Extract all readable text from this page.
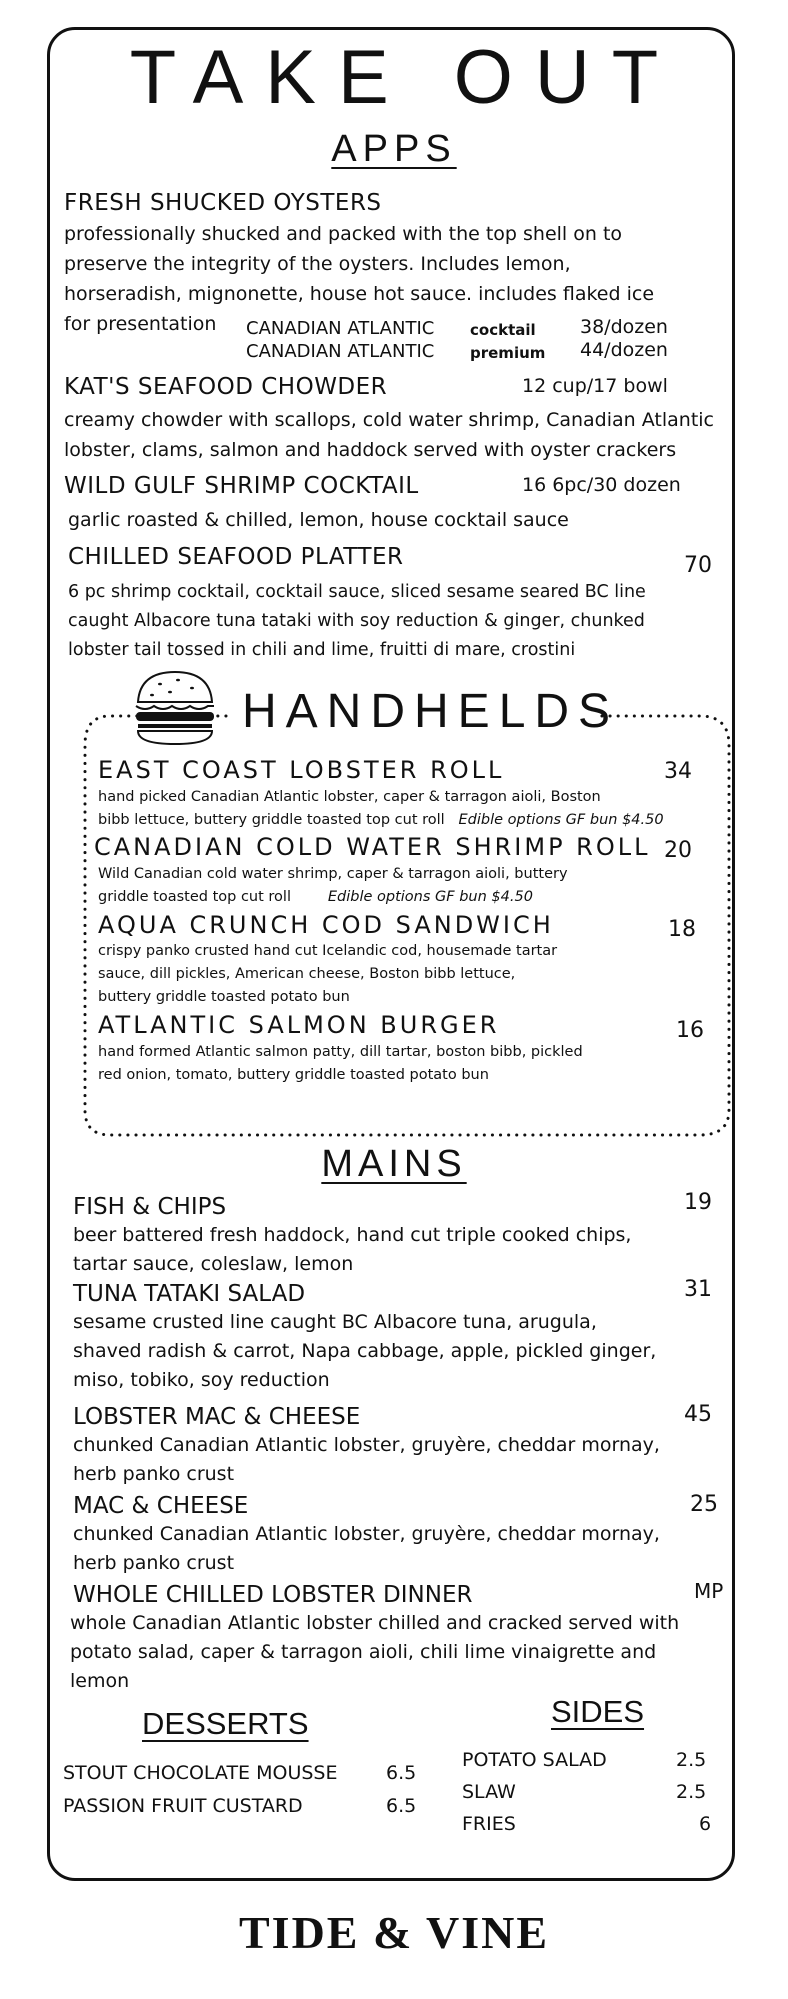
TAKE OUT
APPS
FRESH SHUCKED OYSTERS
professionally shucked and packed with the top shell on to
preserve the integrity of the oysters. Includes lemon,
horseradish, mignonette, house hot sauce. includes flaked ice
for presentation	CANADIAN ATLANTIC cocktail 38/dozen
CANADIAN ATLANTIC premium 44/dozen
KAT'S SEAFOOD CHOWDER	12 cup/17 bowl
creamy chowder with scallops, cold water shrimp, Canadian Atlantic
lobster, clams, salmon and haddock served with oyster crackers
WILD GULF SHRIMP COCKTAIL	16 6pc/30 dozen
garlic roasted & chilled, lemon, house cocktail sauce
CHILLED SEAFOOD PLATTER	70
6 pc shrimp cocktail, cocktail sauce, sliced sesame seared BC line
caught Albacore tuna tataki with soy reduction & ginger, chunked
lobster tail tossed in chili and lime, fruitti di mare, crostini
HANDHELDS
EAST COAST LOBSTER ROLL	34
hand picked Canadian Atlantic lobster, caper & tarragon aioli, Boston
bibb lettuce, buttery griddle toasted top cut roll Edible options GF bun $4.50
CANADIAN COLD WATER SHRIMP ROLL 20
Wild Canadian cold water shrimp, caper & tarragon aioli, buttery
griddle toasted top cut roll	Edible options GF bun $4.50
AQUA CRUNCH COD SANDWICH	18
crispy panko crusted hand cut Icelandic cod, housemade tartar
sauce, dill pickles, American cheese, Boston bibb lettuce,
buttery griddle toasted potato bun
ATLANTIC SALMON BURGER	16
hand formed Atlantic salmon patty, dill tartar, boston bibb, pickled
red onion, tomato, buttery griddle toasted potato bun
MAINS
FISH & CHIPS	19
beer battered fresh haddock, hand cut triple cooked chips,
tartar sauce, coleslaw, lemon
TUNA TATAKI SALAD	31
sesame crusted line caught BC Albacore tuna, arugula,
shaved radish & carrot, Napa cabbage, apple, pickled ginger,
miso, tobiko, soy reduction
LOBSTER MAC & CHEESE	45
chunked Canadian Atlantic lobster, gruyère, cheddar mornay,
herb panko crust
MAC & CHEESE	25
chunked Canadian Atlantic lobster, gruyère, cheddar mornay,
herb panko crust
WHOLE CHILLED LOBSTER DINNER	MP
whole Canadian Atlantic lobster chilled and cracked served with
potato salad, caper & tarragon aioli, chili lime vinaigrette and
lemon
DESSERTS
STOUT CHOCOLATE MOUSSE	6.5
PASSION FRUIT CUSTARD	6.5
SIDES
POTATO SALAD	2.5
SLAW	2.5
FRIES	6
TIDE & VINE
